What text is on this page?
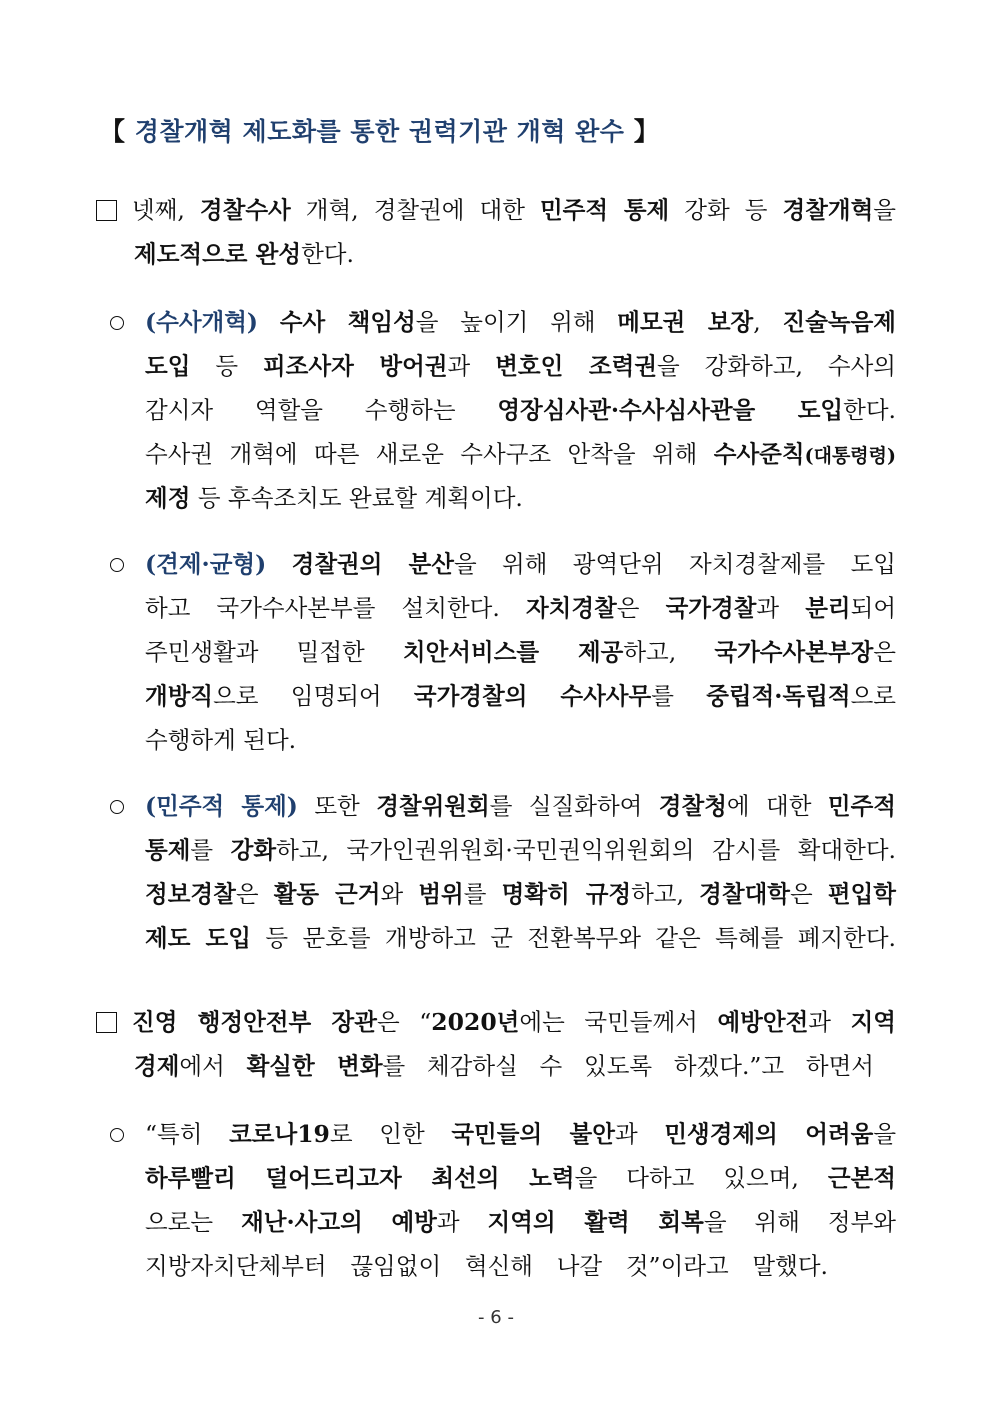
【 경찰개혁 제도화를 통한 권력기관 개혁 완수 】
넷째, 경찰수사 개혁, 경찰권에 대한 민주적 통제 강화 등 경찰개혁을
제도적으로 완성한다.
(수사개혁) 수사 책임성을 높이기 위해 메모권 보장, 진술녹음제
도입 등 피조사자 방어권과 변호인 조력권을 강화하고, 수사의
감시자 역할을 수행하는 영장심사관·수사심사관을 도입한다.
수사권 개혁에 따른 새로운 수사구조 안착을 위해 수사준칙(대통령령)
제정 등 후속조치도 완료할 계획이다.
(견제·균형) 경찰권의 분산을 위해 광역단위 자치경찰제를 도입
하고 국가수사본부를 설치한다. 자치경찰은 국가경찰과 분리되어
주민생활과 밀접한 치안서비스를 제공하고, 국가수사본부장은
개방직으로 임명되어 국가경찰의 수사사무를 중립적·독립적으로
수행하게 된다.
(민주적 통제) 또한 경찰위원회를 실질화하여 경찰청에 대한 민주적
통제를 강화하고, 국가인권위원회·국민권익위원회의 감시를 확대한다.
정보경찰은 활동 근거와 범위를 명확히 규정하고, 경찰대학은 편입학
제도 도입 등 문호를 개방하고 군 전환복무와 같은 특혜를 폐지한다.
진영 행정안전부 장관은 “2020년에는 국민들께서 예방안전과 지역
경제에서 확실한 변화를 체감하실 수 있도록 하겠다.”고 하면서
“특히 코로나19로 인한 국민들의 불안과 민생경제의 어려움을
하루빨리 덜어드리고자 최선의 노력을 다하고 있으며, 근본적
으로는 재난·사고의 예방과 지역의 활력 회복을 위해 정부와
지방자치단체부터 끊임없이 혁신해 나갈 것”이라고 말했다.
- 6 -
